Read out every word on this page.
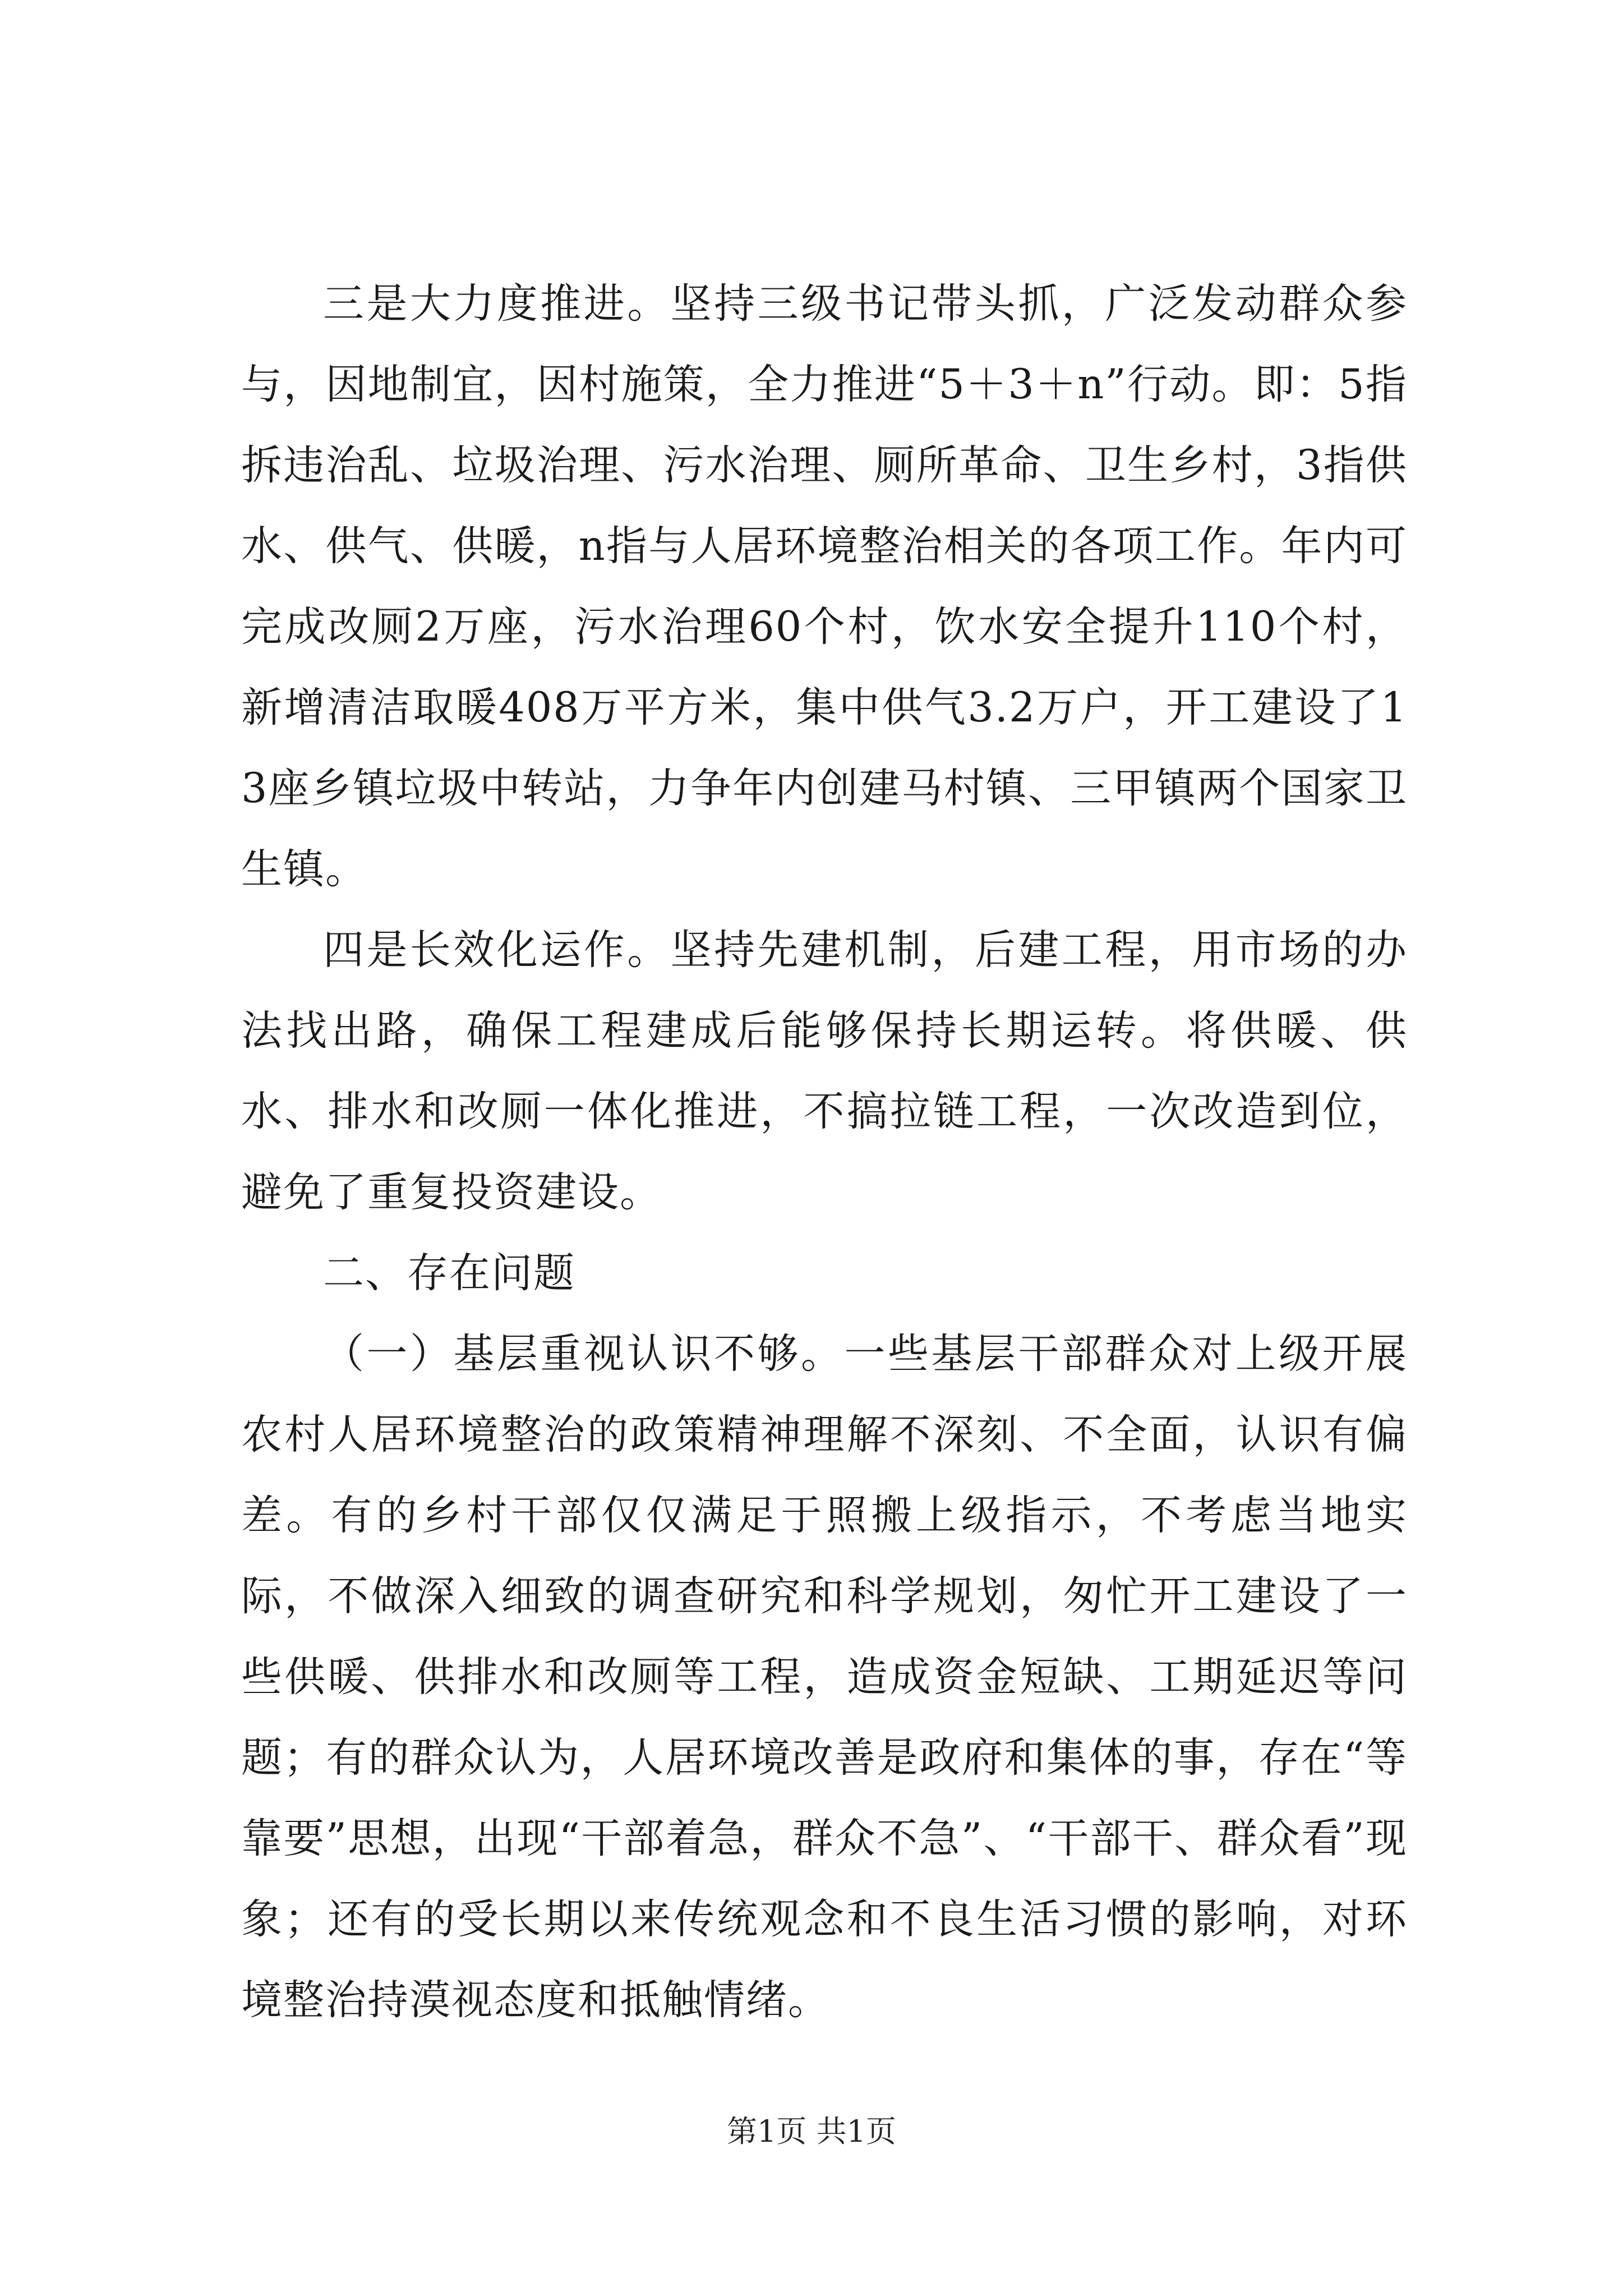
三是大力度推进。坚持三级书记带头抓，广泛发动群众参与，因地制宜，因村施策，全力推进“5＋3＋n”行动。即：5指拆违治乱、垃圾治理、污水治理、厕所革命、卫生乡村，3指供水、供气、供暖，n指与人居环境整治相关的各项工作。年内可完成改厕2万座，污水治理60个村，饮水安全提升110个村，新增清洁取暖408万平方米，集中供气3.2万户，开工建设了13座乡镇垃圾中转站，力争年内创建马村镇、三甲镇两个国家卫生镇。

四是长效化运作。坚持先建机制，后建工程，用市场的办法找出路，确保工程建成后能够保持长期运转。将供暖、供水、排水和改厕一体化推进，不搞拉链工程，一次改造到位，避免了重复投资建设。

二、存在问题

（一）基层重视认识不够。一些基层干部群众对上级开展农村人居环境整治的政策精神理解不深刻、不全面，认识有偏差。有的乡村干部仅仅满足于照搬上级指示，不考虑当地实际，不做深入细致的调查研究和科学规划，匆忙开工建设了一些供暖、供排水和改厕等工程，造成资金短缺、工期延迟等问题；有的群众认为，人居环境改善是政府和集体的事，存在“等靠要”思想，出现“干部着急，群众不急”、“干部干、群众看”现象；还有的受长期以来传统观念和不良生活习惯的影响，对环境整治持漠视态度和抵触情绪。

第1页 共1页
